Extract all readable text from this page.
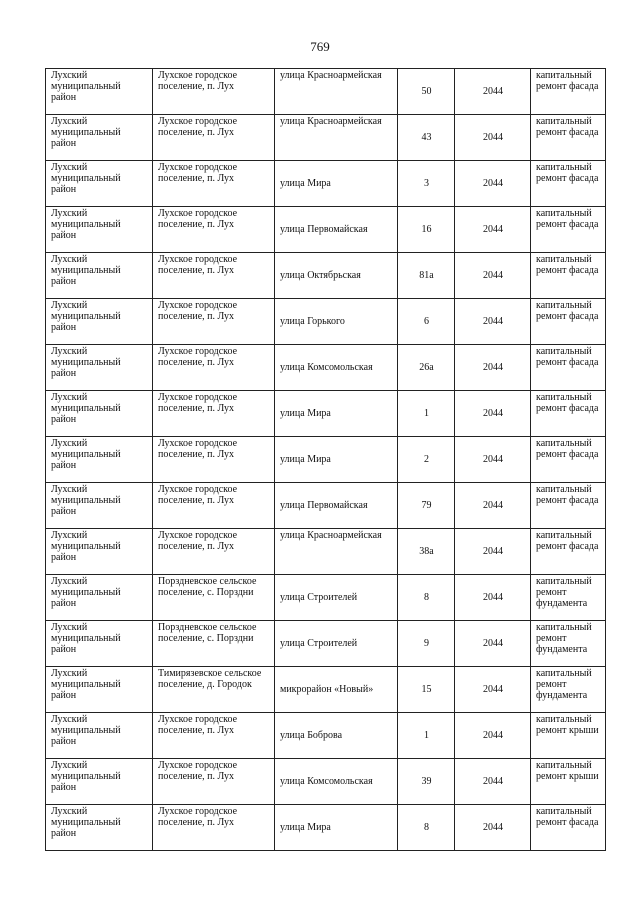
769
Лухский муниципальный район	Лухское городское поселение, п. Лух	улица Красноармейская	50	2044	капитальный ремонт фасада
Лухский муниципальный район	Лухское городское поселение, п. Лух	улица Красноармейская	43	2044	капитальный ремонт фасада
Лухский муниципальный район	Лухское городское поселение, п. Лух	улица Мира	3	2044	капитальный ремонт фасада
Лухский муниципальный район	Лухское городское поселение, п. Лух	улица Первомайская	16	2044	капитальный ремонт фасада
Лухский муниципальный район	Лухское городское поселение, п. Лух	улица Октябрьская	81а	2044	капитальный ремонт фасада
Лухский муниципальный район	Лухское городское поселение, п. Лух	улица Горького	6	2044	капитальный ремонт фасада
Лухский муниципальный район	Лухское городское поселение, п. Лух	улица Комсомольская	26а	2044	капитальный ремонт фасада
Лухский муниципальный район	Лухское городское поселение, п. Лух	улица Мира	1	2044	капитальный ремонт фасада
Лухский муниципальный район	Лухское городское поселение, п. Лух	улица Мира	2	2044	капитальный ремонт фасада
Лухский муниципальный район	Лухское городское поселение, п. Лух	улица Первомайская	79	2044	капитальный ремонт фасада
Лухский муниципальный район	Лухское городское поселение, п. Лух	улица Красноармейская	38а	2044	капитальный ремонт фасада
Лухский муниципальный район	Порздневское сельское поселение, с. Порздни	улица Строителей	8	2044	капитальный ремонт фундамента
Лухский муниципальный район	Порздневское сельское поселение, с. Порздни	улица Строителей	9	2044	капитальный ремонт фундамента
Лухский муниципальный район	Тимирязевское сельское поселение, д. Городок	микрорайон «Новый»	15	2044	капитальный ремонт фундамента
Лухский муниципальный район	Лухское городское поселение, п. Лух	улица Боброва	1	2044	капитальный ремонт крыши
Лухский муниципальный район	Лухское городское поселение, п. Лух	улица Комсомольская	39	2044	капитальный ремонт крыши
Лухский муниципальный район	Лухское городское поселение, п. Лух	улица Мира	8	2044	капитальный ремонт фасада
